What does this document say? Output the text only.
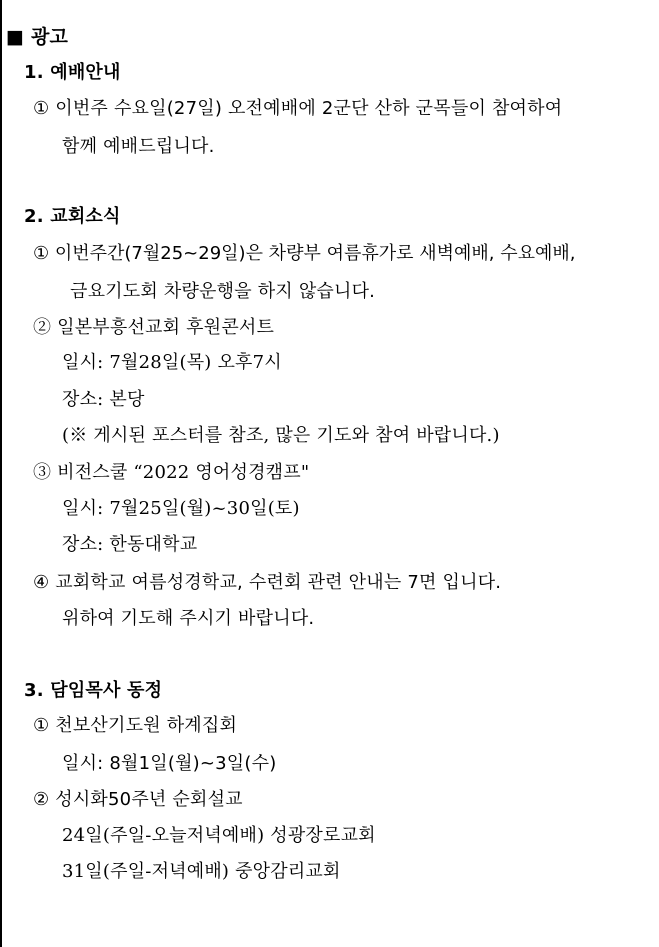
■ 광고
1. 예배안내
① 이번주 수요일(27일) 오전예배에 2군단 산하 군목들이 참여하여
함께 예배드립니다.
2. 교회소식
① 이번주간(7월25~29일)은 차량부 여름휴가로 새벽예배, 수요예배,
금요기도회 차량운행을 하지 않습니다.
② 일본부흥선교회 후원콘서트
일시: 7월28일(목) 오후7시
장소: 본당
(※ 게시된 포스터를 참조, 많은 기도와 참여 바랍니다.)
③ 비전스쿨 “2022 영어성경캠프"
일시: 7월25일(월)~30일(토)
장소: 한동대학교
④ 교회학교 여름성경학교, 수련회 관련 안내는 7면 입니다.
위하여 기도해 주시기 바랍니다.
3. 담임목사 동정
① 천보산기도원 하계집회
일시: 8월1일(월)~3일(수)
② 성시화50주년 순회설교
24일(주일-오늘저녁예배) 성광장로교회
31일(주일-저녁예배) 중앙감리교회
